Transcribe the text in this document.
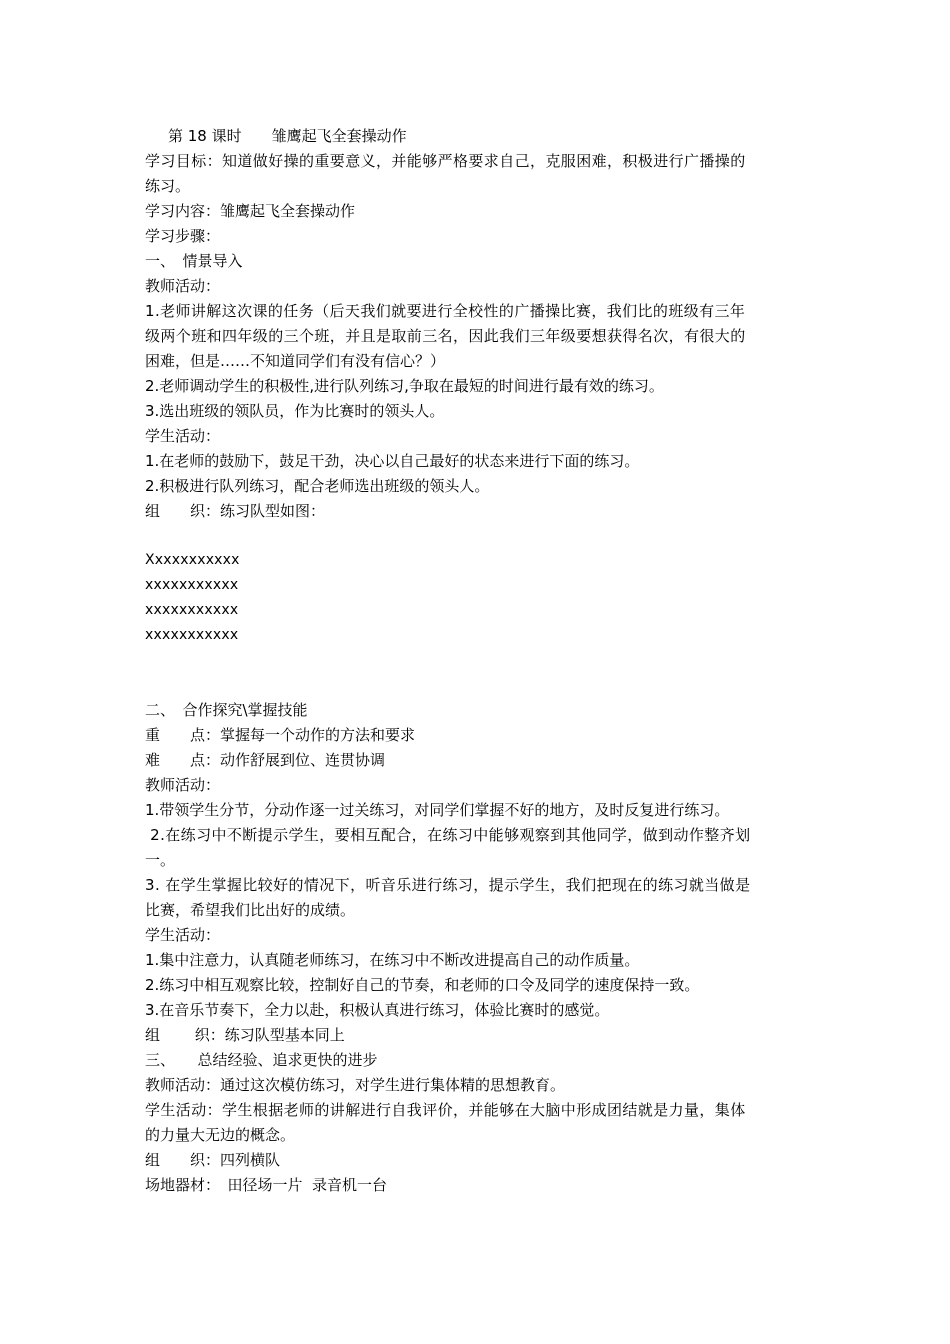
第 18 课时　　雏鹰起飞全套操动作
学习目标：知道做好操的重要意义，并能够严格要求自己，克服困难，积极进行广播操的
练习。
学习内容：雏鹰起飞全套操动作
学习步骤：
一、　情景导入
教师活动：
1.老师讲解这次课的任务（后天我们就要进行全校性的广播操比赛，我们比的班级有三年
级两个班和四年级的三个班，并且是取前三名，因此我们三年级要想获得名次，有很大的
困难，但是……不知道同学们有没有信心？）
2.老师调动学生的积极性,进行队列练习,争取在最短的时间进行最有效的练习。
3.选出班级的领队员，作为比赛时的领头人。
学生活动：
1.在老师的鼓励下，鼓足干劲，决心以自己最好的状态来进行下面的练习。
2.积极进行队列练习，配合老师选出班级的领头人。
组　　织：练习队型如图：
Xxxxxxxxxxx
xxxxxxxxxxx
xxxxxxxxxxx
xxxxxxxxxxx
二、　合作探究\掌握技能
重　　点：掌握每一个动作的方法和要求
难　　点：动作舒展到位、连贯协调
教师活动：
1.带领学生分节，分动作逐一过关练习，对同学们掌握不好的地方，及时反复进行练习。
2.在练习中不断提示学生，要相互配合，在练习中能够观察到其他同学，做到动作整齐划
一。
3. 在学生掌握比较好的情况下，听音乐进行练习，提示学生，我们把现在的练习就当做是
比赛，希望我们比出好的成绩。
学生活动：
1.集中注意力，认真随老师练习，在练习中不断改进提高自己的动作质量。
2.练习中相互观察比较，控制好自己的节奏，和老师的口令及同学的速度保持一致。
3.在音乐节奏下，全力以赴，积极认真进行练习，体验比赛时的感觉。
组　　 织：练习队型基本同上
三、　　总结经验、追求更快的进步
教师活动：通过这次模仿练习，对学生进行集体精的思想教育。
学生活动：学生根据老师的讲解进行自我评价，并能够在大脑中形成团结就是力量，集体
的力量大无边的概念。
组　　织：四列横队
场地器材：　田径场一片  录音机一台
